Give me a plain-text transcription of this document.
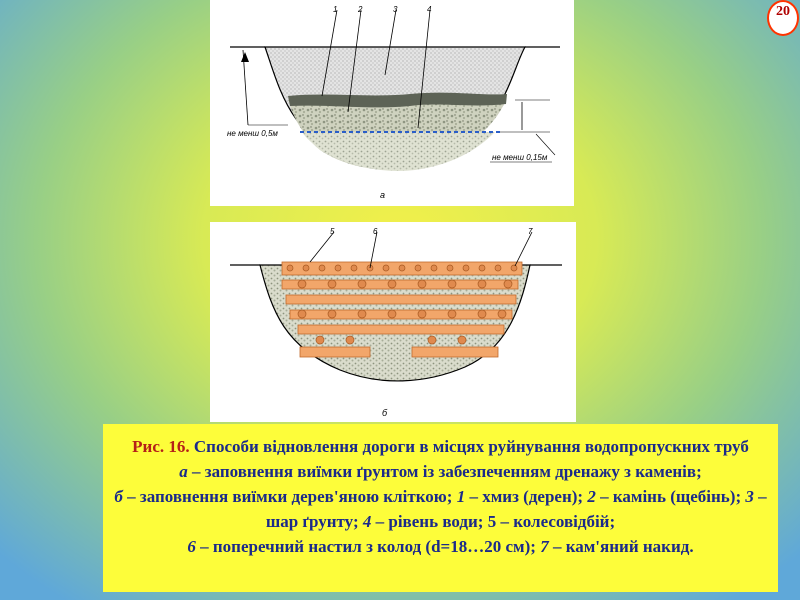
20
1	2	3	4
не менш 0,5м
не менш 0,15м
а
5	6	7
б
Рис. 16. Способи відновлення дороги в місцях руйнування водопропускних труб
а – заповнення виїмки ґрунтом із забезпеченням дренажу з каменів;
б – заповнення виїмки дерев'яною кліткою; 1 – хмиз (дерен); 2 – камінь (щебінь); 3 – шар ґрунту; 4 – рівень води; 5 – колесовідбій;
6 – поперечний настил з колод (d=18…20 см); 7 – кам'яний накид.
